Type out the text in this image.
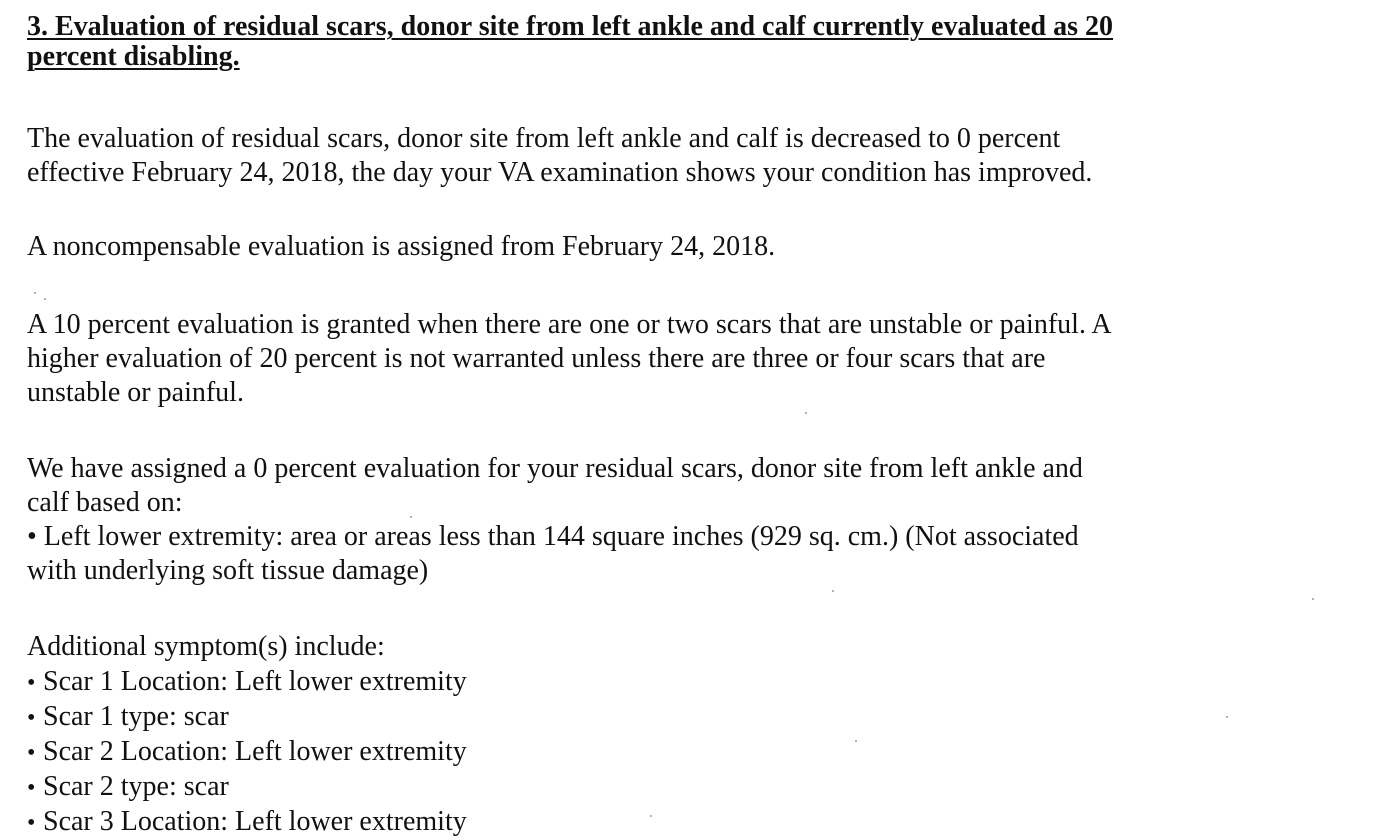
3. Evaluation of residual scars, donor site from left ankle and calf currently evaluated as 20
percent disabling.

The evaluation of residual scars, donor site from left ankle and calf is decreased to 0 percent
effective February 24, 2018, the day your VA examination shows your condition has improved.

A noncompensable evaluation is assigned from February 24, 2018.

A 10 percent evaluation is granted when there are one or two scars that are unstable or painful. A
higher evaluation of 20 percent is not warranted unless there are three or four scars that are
unstable or painful.

We have assigned a 0 percent evaluation for your residual scars, donor site from left ankle and
calf based on:
• Left lower extremity: area or areas less than 144 square inches (929 sq. cm.) (Not associated
with underlying soft tissue damage)

Additional symptom(s) include:

• Scar 1 Location: Left lower extremity
• Scar 1 type: scar
• Scar 2 Location: Left lower extremity
• Scar 2 type: scar
• Scar 3 Location: Left lower extremity
